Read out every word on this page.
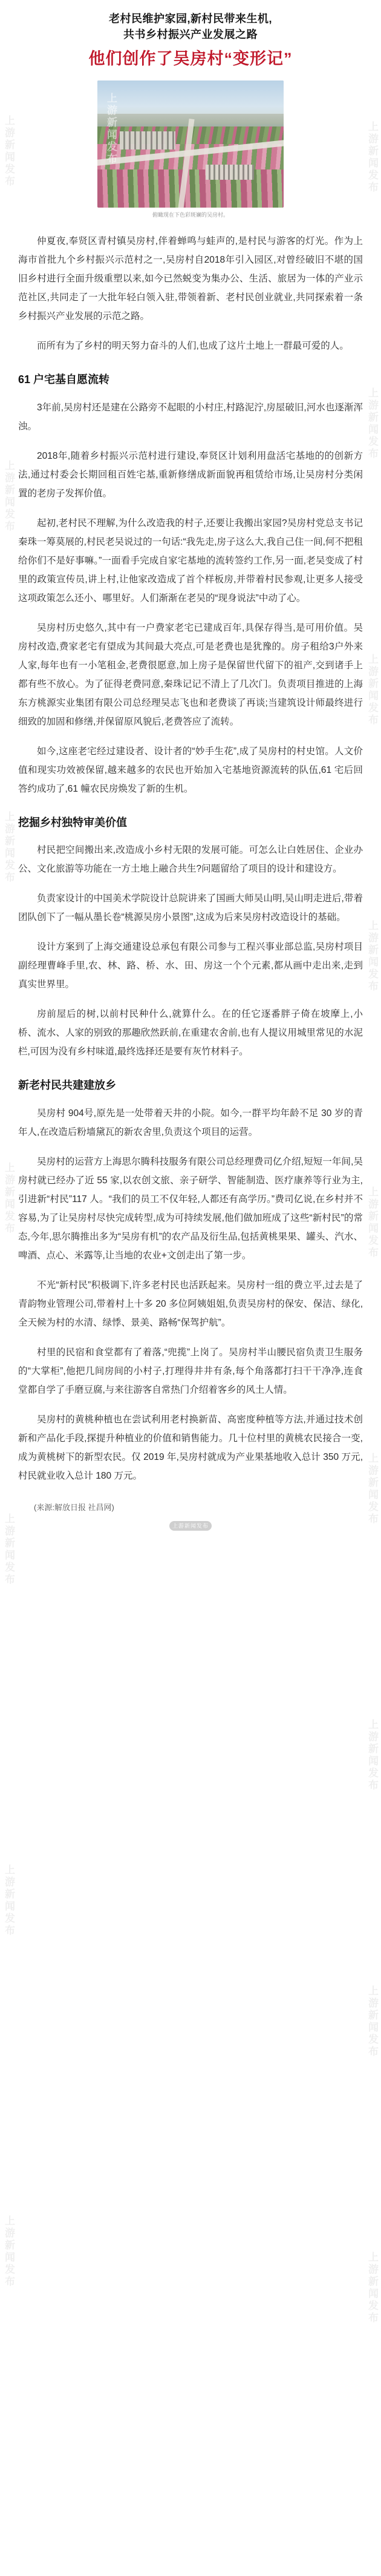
上游新闻发布
上游新闻发布
上游新闻发布
上游新闻发布
上游新闻发布
上游新闻发布
上游新闻发布
上游新闻发布
上游新闻发布
上游新闻发布
上游新闻发布
上游新闻发布
上游新闻发布
上游新闻发布
上游新闻发布
上游新闻发布
老村民维护家园,新村民带来生机,
共书乡村振兴产业发展之路
他们创作了吴房村“变形记”
上游新闻发布
俯瞰现在下色彩斑斓的吴房村。

仲夏夜,奉贤区青村镇吴房村,伴着蝉鸣与蛙声的,是村民与游客的灯光。作为上海市首批九个乡村振兴示范村之一,吴房村自2018年引入园区,对曾经破旧不堪的国旧乡村进行全面升级重塑以来,如今已然蜕变为集办公、生活、旅居为一体的产业示范社区,共同走了一大批年轻白领入驻,带领着新、老村民创业就业,共同探索着一条乡村振兴产业发展的示范之路。

而所有为了乡村的明天努力奋斗的人们,也成了这片土地上一群最可爱的人。

61 户宅基自愿流转

3年前,吴房村还是建在公路旁不起眼的小村庄,村路泥泞,房屋破旧,河水也逐渐浑浊。

2018年,随着乡村振兴示范村进行建设,奉贤区计划利用盘活宅基地的的创新方法,通过村委会长期回租百姓宅基,重新修缮成新面貌再租赁给市场,让吴房村分类闲置的老房子发挥价值。

起初,老村民不理解,为什么改造我的村子,还要让我搬出家园?吴房村党总支书记秦珠一筹莫展的,村民老吴说过的一句话:“我先走,房子这么大,我自己住一间,何不把租给你们不是好事嘛。”一面看手完成自家宅基地的流转签约工作,另一面,老吴变成了村里的政策宣传员,讲上村,让他家改造成了首个样板房,并带着村民参观,让更多人接受这项政策怎么还小、哪里好。人们渐渐在老吴的“现身说法”中动了心。

吴房村历史悠久,其中有一户费家老宅已建成百年,具保存得当,是可用价值。吴房村改造,费家老宅有望成为其间最大亮点,可是老费也是犹豫的。房子租给3户外来人家,每年也有一小笔租金,老费很愿意,加上房子是保留世代留下的祖产,交到诸手上都有些不放心。为了征得老费同意,秦珠记记不清上了几次门。负责项目推进的上海东方桃源实业集团有限公司总经理吴志飞也和老费谈了再谈;当建筑设计师最终进行细致的加固和修缮,并保留原风貌后,老费答应了流转。

如今,这座老宅经过建设者、设计者的“妙手生花”,成了吴房村的村史馆。人文价值和现实功效被保留,越来越多的农民也开始加入宅基地资源流转的队伍,61 宅后回答约成功了,61 幢农民房焕发了新的生机。

挖掘乡村独特审美价值

村民把空间搬出来,改造成小乡村无限的发展可能。可怎么让白姓居住、企业办公、文化旅游等功能在一方土地上融合共生?问题留给了项目的设计和建设方。

负责家设计的中国美术学院设计总院讲来了国画大师吴山明,吴山明走进后,带着团队创下了一幅从墨长卷“桃源吴房小景图”,这成为后来吴房村改造设计的基础。

设计方案到了上海交通建设总承包有限公司参与工程兴事业部总监,吴房村项目副经理曹峰手里,农、林、路、桥、水、田、房这一个个元素,都从画中走出来,走到真实世界里。

房前屋后的树,以前村民种什么,就算什么。在的任它逐番胖子倚在坡摩上,小桥、流水、人家的别致的那趣欣然跃前,在重建农舍前,也有人提议用城里常见的水泥栏,可因为没有乡村味道,最终选择还是要有灰竹材料子。

新老村民共建建放乡

吴房村 904号,原先是一处带着天井的小院。如今,一群平均年龄不足 30 岁的青年人,在改造后粉墙黛瓦的新农舍里,负责这个项目的运营。

吴房村的运营方上海思尔腾科技服务有限公司总经理费司亿介绍,短短一年间,吴房村就已经办了近 55 家,以农创文旅、亲子研学、智能制造、医疗康养等行业为主,引进新“村民”117 人。“我们的员工不仅年轻,人都还有高学历。”费司亿说,在乡村并不容易,为了让吴房村尽快完成转型,成为可持续发展,他们做加班成了这些“新村民”的常态,今年,思尔腾推出多为“吴房有机”的农产品及衍生品,包括黄桃果果、罐头、汽水、啤酒、点心、米露等,让当地的农业+文创走出了第一步。

不光“新村民”积极调下,许多老村民也活跃起来。吴房村一组的费立平,过去是了青韵物业管理公司,带着村上十多 20 多位阿姨姐姐,负责吴房村的保安、保洁、绿化,全天候为村的水清、绿悸、景美、路畅“保驾护航”。

村里的民宿和食堂都有了着落,“兜揽”上岗了。吴房村半山腰民宿负责卫生服务的“大掌柜”,他把几间房间的小村子,打理得井井有条,每个角落都打扫干干净净,连食堂都自学了手磨豆腐,与来往游客自常热门介绍着客乡的风土人情。

吴房村的黄桃种植也在尝试利用老村换新苗、高密度种植等方法,并通过技术创新和产品化手段,探提升种植业的价值和销售能力。几十位村里的黄桃农民接合一变,成为黄桃树下的新型农民。仅 2019 年,吴房村就成为产业果基地收入总计 350 万元,村民就业收入总计 180 万元。

(来源:解放日报 社昌网)
上游新闻发布
